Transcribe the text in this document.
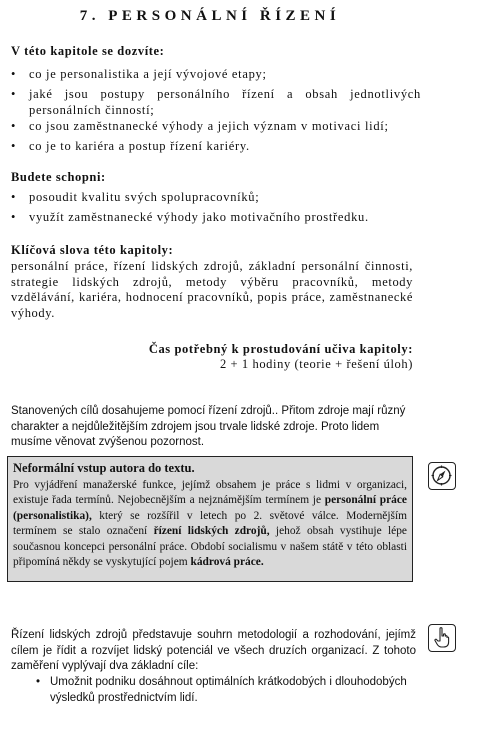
7. PERSONÁLNÍ ŘÍZENÍ
V této kapitole se dozvíte:
•	co je personalistika a její vývojové etapy;
•	jaké jsou postupy personálního řízení a obsah jednotlivých personálních činností;
•	co jsou zaměstnanecké výhody a jejich význam v motivaci lidí;
•	co je to kariéra a postup řízení kariéry.
Budete schopni:
•	posoudit kvalitu svých spolupracovníků;
•	využít zaměstnanecké výhody jako motivačního prostředku.
Klíčová slova této kapitoly:
personální práce, řízení lidských zdrojů, základní personální činnosti, strategie lidských zdrojů, metody výběru pracovníků, metody vzdělávání, kariéra, hodnocení pracovníků, popis práce, zaměstnanecké výhody.
Čas potřebný k prostudování učiva kapitoly:
2 + 1 hodiny (teorie + řešení úloh)
Stanovených cílů dosahujeme pomocí řízení zdrojů.. Přitom zdroje mají různý charakter a nejdůležitějším zdrojem jsou trvale lidské zdroje. Proto lidem musíme věnovat zvýšenou pozornost.
Neformální vstup autora do textu.
Pro vyjádření manažerské funkce, jejímž obsahem je práce s lidmi v organizaci, existuje řada termínů. Nejobecnějším a nejznámějším termínem je personální práce (personalistika), který se rozšířil v letech po 2. světové válce. Modernějším termínem se stalo označení řízení lidských zdrojů, jehož obsah vystihuje lépe současnou koncepci personální práce. Období socialismu v našem státě v této oblasti připomíná někdy se vyskytující pojem kádrová práce.
Řízení lidských zdrojů představuje souhrn metodologií a rozhodování, jejímž cílem je řídit a rozvíjet lidský potenciál ve všech druzích organizací. Z tohoto zaměření vyplývají dva základní cíle:
• Umožnit podniku dosáhnout optimálních krátkodobých i dlouhodobých výsledků prostřednictvím lidí.
